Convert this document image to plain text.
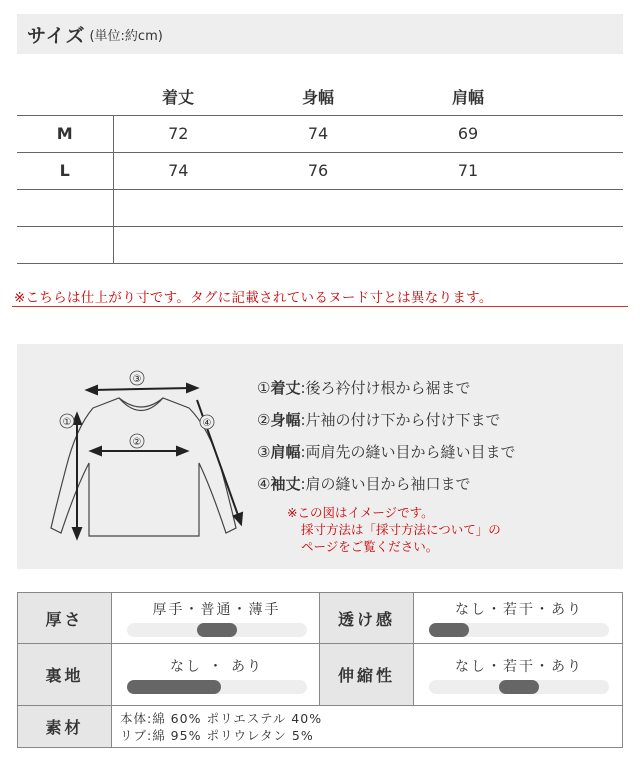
サイズ (単位:約cm)
	着丈	身幅	肩幅	
M	72	74	69	
L	74	76	71	

※こちらは仕上がり寸です。タグに記載されているヌード寸とは異なります。
①
②
③
④
①着丈:後ろ衿付け根から裾まで
②身幅:片袖の付け下から付け下まで
③肩幅:両肩先の縫い目から縫い目まで
④袖丈:肩の縫い目から袖口まで
※この図はイメージです。
採寸方法は「採寸方法について」の
ページをご覧ください。
厚さ	厚手・普通・薄手	透け感	なし・若干・あり

裏地	なし ・ あり	伸縮性	なし・若干・あり

素材	本体:綿 60% ポリエステル 40%
リブ:綿 95% ポリウレタン 5%		
